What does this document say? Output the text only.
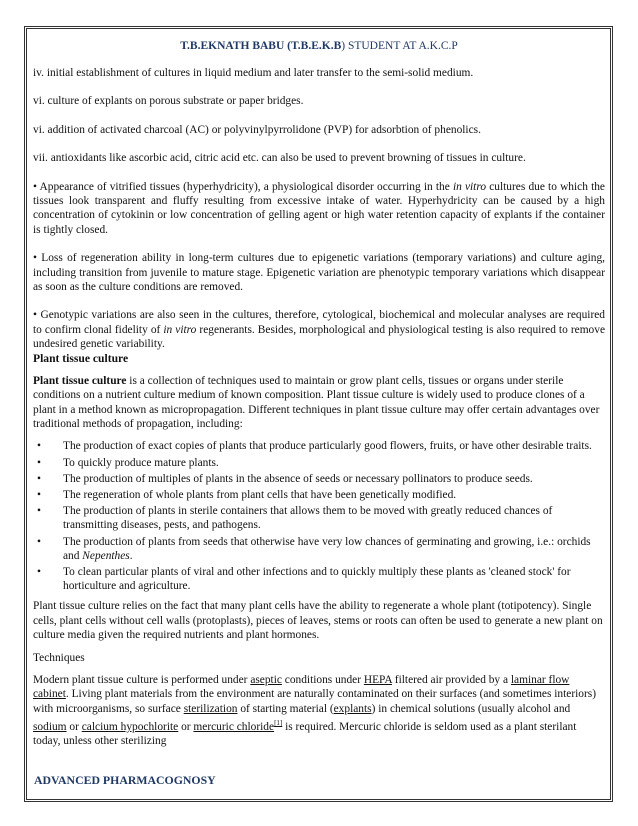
T.B.EKNATH BABU (T.B.E.K.B) STUDENT AT A.K.C.P

iv. initial establishment of cultures in liquid medium and later transfer to the semi-solid medium.

vi. culture of explants on porous substrate or paper bridges.

vi. addition of activated charcoal (AC) or polyvinylpyrrolidone (PVP) for adsorbtion of phenolics.

vii. antioxidants like ascorbic acid, citric acid etc. can also be used to prevent browning of tissues in culture.

• Appearance of vitrified tissues (hyperhydricity), a physiological disorder occurring in the in vitro cultures due to which the tissues look transparent and fluffy resulting from excessive intake of water. Hyperhydricity can be caused by a high concentration of cytokinin or low concentration of gelling agent or high water retention capacity of explants if the container is tightly closed.

• Loss of regeneration ability in long-term cultures due to epigenetic variations (temporary variations) and culture aging, including transition from juvenile to mature stage. Epigenetic variation are phenotypic temporary variations which disappear as soon as the culture conditions are removed.

• Genotypic variations are also seen in the cultures, therefore, cytological, biochemical and molecular analyses are required to confirm clonal fidelity of in vitro regenerants. Besides, morphological and physiological testing is also required to remove undesired genetic variability.

Plant tissue culture

Plant tissue culture is a collection of techniques used to maintain or grow plant cells, tissues or organs under sterile conditions on a nutrient culture medium of known composition. Plant tissue culture is widely used to produce clones of a plant in a method known as micropropagation. Different techniques in plant tissue culture may offer certain advantages over traditional methods of propagation, including:

• The production of exact copies of plants that produce particularly good flowers, fruits, or have other desirable traits.
• To quickly produce mature plants.
• The production of multiples of plants in the absence of seeds or necessary pollinators to produce seeds.
• The regeneration of whole plants from plant cells that have been genetically modified.
• The production of plants in sterile containers that allows them to be moved with greatly reduced chances of transmitting diseases, pests, and pathogens.
• The production of plants from seeds that otherwise have very low chances of germinating and growing, i.e.: orchids and Nepenthes.
• To clean particular plants of viral and other infections and to quickly multiply these plants as 'cleaned stock' for horticulture and agriculture.

Plant tissue culture relies on the fact that many plant cells have the ability to regenerate a whole plant (totipotency). Single cells, plant cells without cell walls (protoplasts), pieces of leaves, stems or roots can often be used to generate a new plant on culture media given the required nutrients and plant hormones.

Techniques

Modern plant tissue culture is performed under aseptic conditions under HEPA filtered air provided by a laminar flow cabinet. Living plant materials from the environment are naturally contaminated on their surfaces (and sometimes interiors) with microorganisms, so surface sterilization of starting material (explants) in chemical solutions (usually alcohol and sodium or calcium hypochlorite or mercuric chloride[1] is required. Mercuric chloride is seldom used as a plant sterilant today, unless other sterilizing

ADVANCED PHARMACOGNOSY
